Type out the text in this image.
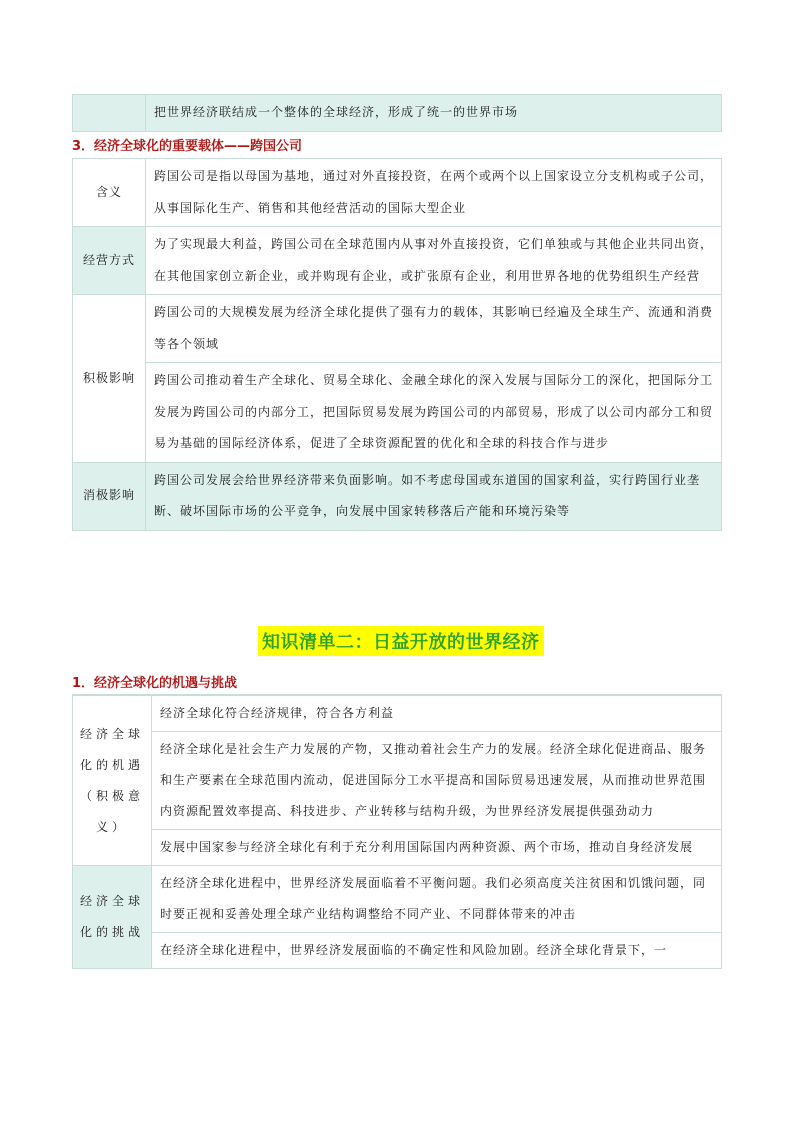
	把世界经济联结成一个整体的全球经济，形成了统一的世界市场
3．经济全球化的重要载体——跨国公司
含义	跨国公司是指以母国为基地，通过对外直接投资，在两个或两个以上国家设立分支机构或子公司，从事国际化生产、销售和其他经营活动的国际大型企业
经营方式	为了实现最大利益，跨国公司在全球范围内从事对外直接投资，它们单独或与其他企业共同出资，在其他国家创立新企业，或并购现有企业，或扩张原有企业，利用世界各地的优势组织生产经营
积极影响	跨国公司的大规模发展为经济全球化提供了强有力的载体，其影响已经遍及全球生产、流通和消费等各个领域
	跨国公司推动着生产全球化、贸易全球化、金融全球化的深入发展与国际分工的深化，把国际分工发展为跨国公司的内部分工，把国际贸易发展为跨国公司的内部贸易，形成了以公司内部分工和贸易为基础的国际经济体系，促进了全球资源配置的优化和全球的科技合作与进步
消极影响	跨国公司发展会给世界经济带来负面影响。如不考虑母国或东道国的国家利益，实行跨国行业垄断、破坏国际市场的公平竞争，向发展中国家转移落后产能和环境污染等
知识清单二：日益开放的世界经济
1．经济全球化的机遇与挑战
经济全球化的机遇（积极意义）	经济全球化符合经济规律，符合各方利益
	经济全球化是社会生产力发展的产物，又推动着社会生产力的发展。经济全球化促进商品、服务和生产要素在全球范围内流动，促进国际分工水平提高和国际贸易迅速发展，从而推动世界范围内资源配置效率提高、科技进步、产业转移与结构升级，为世界经济发展提供强劲动力
	发展中国家参与经济全球化有利于充分利用国际国内两种资源、两个市场，推动自身经济发展
经济全球化的挑战	在经济全球化进程中，世界经济发展面临着不平衡问题。我们必须高度关注贫困和饥饿问题，同时要正视和妥善处理全球产业结构调整给不同产业、不同群体带来的冲击
	在经济全球化进程中，世界经济发展面临的不确定性和风险加剧。经济全球化背景下，一
